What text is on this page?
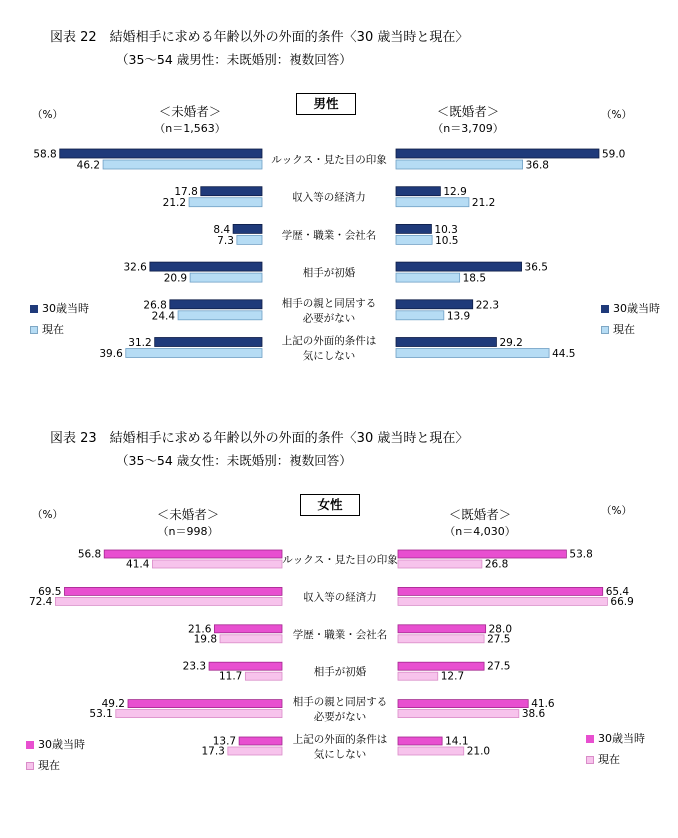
図表 22　結婚相手に求める年齢以外の外面的条件〈30 歳当時と現在〉
（35～54 歳男性：未既婚別：複数回答）
（%）	（%）
＜未婚者＞
（n＝1,563）
＜既婚者＞
（n＝3,709）
男性
30歳当時
現在
30歳当時
現在
図表 23　結婚相手に求める年齢以外の外面的条件〈30 歳当時と現在〉
（35～54 歳女性：未既婚別：複数回答）
（%）	（%）
＜未婚者＞
（n＝998）
＜既婚者＞
（n＝4,030）
女性
30歳当時
現在
30歳当時
現在
ルックス・見た目の印象
58.8
46.2
59.0
36.8
収入等の経済力
17.8
21.2
12.9
21.2
学歴・職業・会社名
8.4
7.3
10.3
10.5
相手が初婚
32.6
20.9
36.5
18.5
相手の親と同居する
必要がない
26.8
24.4
22.3
13.9
上記の外面的条件は
気にしない
31.2
39.6
29.2
44.5
ルックス・見た目の印象
56.8
41.4
53.8
26.8
収入等の経済力
69.5
72.4
65.4
66.9
学歴・職業・会社名
21.6
19.8
28.0
27.5
相手が初婚
23.3
11.7
27.5
12.7
相手の親と同居する
必要がない
49.2
53.1
41.6
38.6
上記の外面的条件は
気にしない
13.7
17.3
14.1
21.0
